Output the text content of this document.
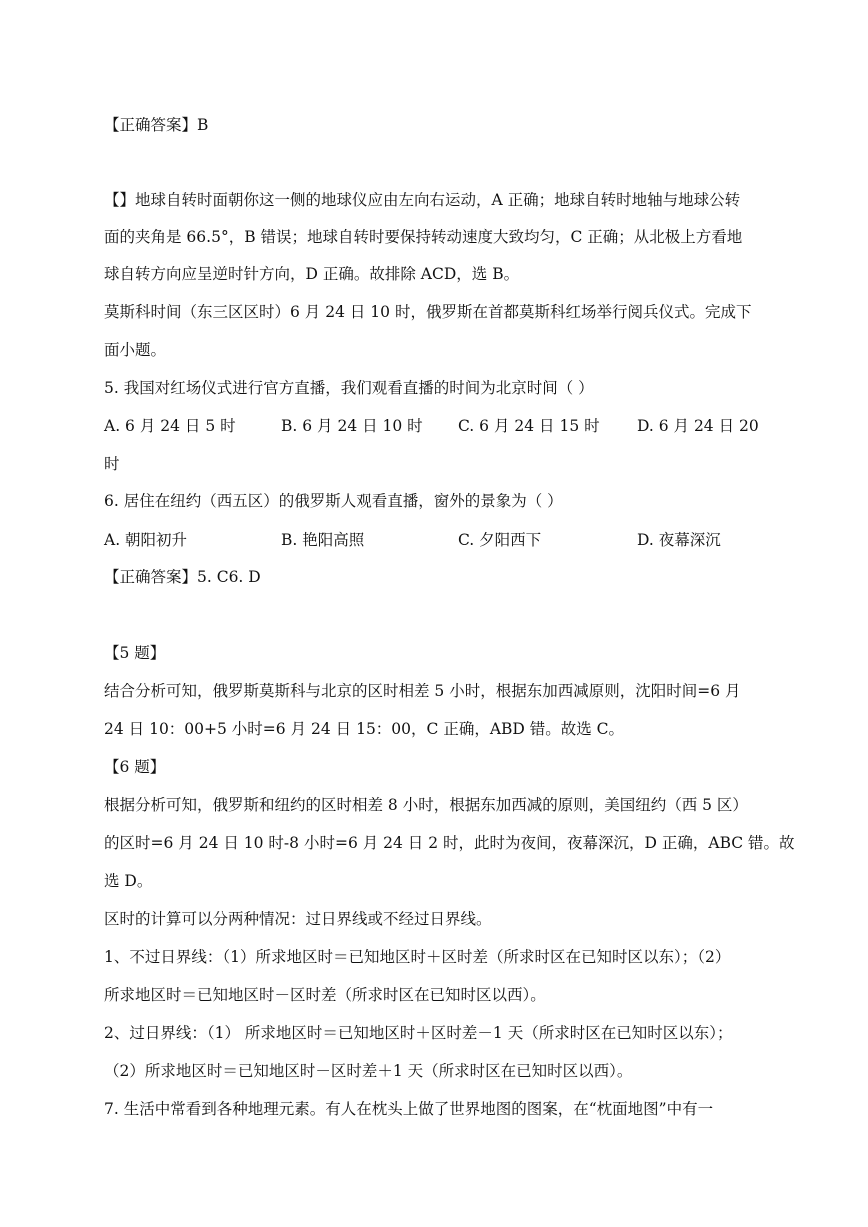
【正确答案】B
【】地球自转时面朝你这一侧的地球仪应由左向右运动，A 正确；地球自转时地轴与地球公转
面的夹角是 66.5°，B 错误；地球自转时要保持转动速度大致均匀，C 正确；从北极上方看地
球自转方向应呈逆时针方向，D 正确。故排除 ACD，选 B。
莫斯科时间（东三区区时）6 月 24 日 10 时，俄罗斯在首都莫斯科红场举行阅兵仪式。完成下
面小题。
5. 我国对红场仪式进行官方直播，我们观看直播的时间为北京时间（ ）
A. 6 月 24 日 5 时	B. 6 月 24 日 10 时 C. 6 月 24 日 15 时 D. 6 月 24 日 20
时
6. 居住在纽约（西五区）的俄罗斯人观看直播，窗外的景象为（ ）
A. 朝阳初升	B. 艳阳高照	C. 夕阳西下	D. 夜幕深沉
【正确答案】5. C6. D
【5 题】
结合分析可知，俄罗斯莫斯科与北京的区时相差 5 小时，根据东加西减原则，沈阳时间=6 月
24 日 10：00+5 小时=6 月 24 日 15：00，C 正确，ABD 错。故选 C。
【6 题】
根据分析可知，俄罗斯和纽约的区时相差 8 小时，根据东加西减的原则，美国纽约（西 5 区）
的区时=6 月 24 日 10 时-8 小时=6 月 24 日 2 时，此时为夜间，夜幕深沉，D 正确，ABC 错。故
选 D。
区时的计算可以分两种情况：过日界线或不经过日界线。
1、不过日界线：（1）所求地区时＝已知地区时＋区时差（所求时区在已知时区以东）；（2）
所求地区时＝已知地区时－区时差（所求时区在已知时区以西）。
2、过日界线：（1） 所求地区时＝已知地区时＋区时差－1 天（所求时区在已知时区以东）；
（2）所求地区时＝已知地区时－区时差＋1 天（所求时区在已知时区以西）。
7. 生活中常看到各种地理元素。有人在枕头上做了世界地图的图案，在“枕面地图”中有一
